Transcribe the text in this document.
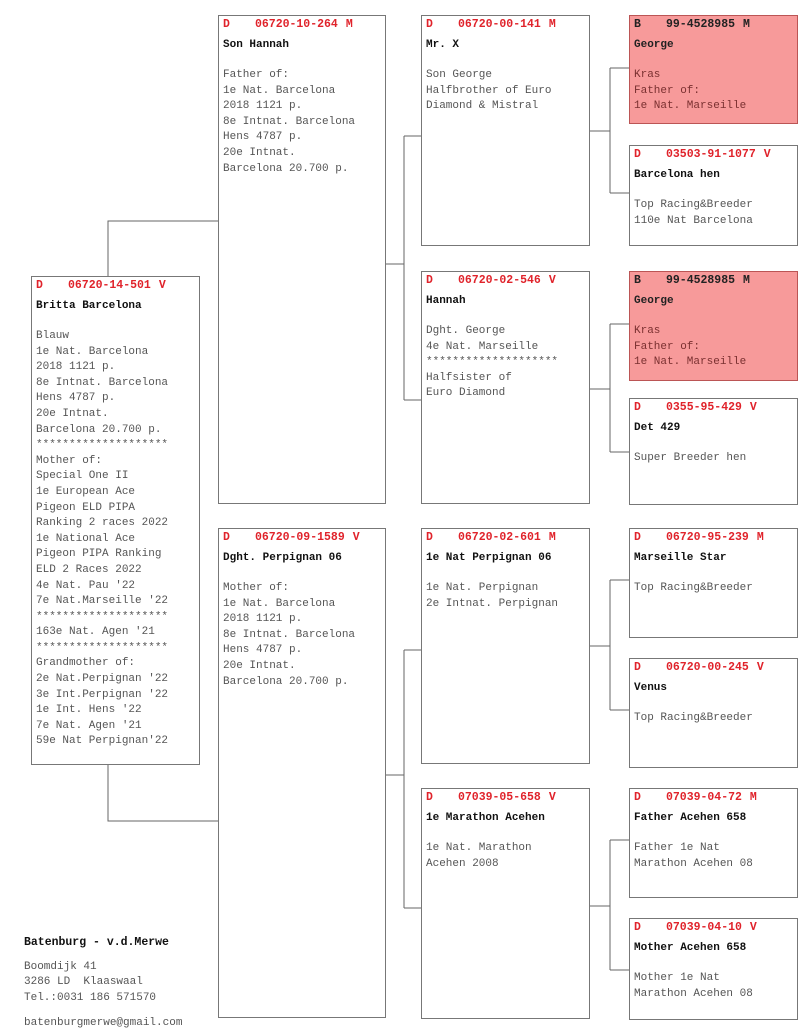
D	06720-14-501 V
Britta Barcelona
Blauw
1e Nat. Barcelona
2018 1121 p.
8e Intnat. Barcelona
Hens 4787 p.
20e Intnat.
Barcelona 20.700 p.
********************
Mother of:
Special One II
1e European Ace
Pigeon ELD PIPA
Ranking 2 races 2022
1e National Ace
Pigeon PIPA Ranking
ELD 2 Races 2022
4e Nat. Pau '22
7e Nat.Marseille '22
********************
163e Nat. Agen '21
********************
Grandmother of:
2e Nat.Perpignan '22
3e Int.Perpignan '22
1e Int. Hens '22
7e Nat. Agen '21
59e Nat Perpignan'22
D	06720-10-264 M
Son Hannah
Father of:
1e Nat. Barcelona
2018 1121 p.
8e Intnat. Barcelona
Hens 4787 p.
20e Intnat.
Barcelona 20.700 p.
D	06720-09-1589 V
Dght. Perpignan 06
Mother of:
1e Nat. Barcelona
2018 1121 p.
8e Intnat. Barcelona
Hens 4787 p.
20e Intnat.
Barcelona 20.700 p.
D	06720-00-141 M
Mr. X
Son George
Halfbrother of Euro
Diamond & Mistral
D	06720-02-546 V
Hannah
Dght. George
4e Nat. Marseille
********************
Halfsister of
Euro Diamond
D	06720-02-601 M
1e Nat Perpignan 06
1e Nat. Perpignan
2e Intnat. Perpignan
D	07039-05-658 V
1e Marathon Acehen
1e Nat. Marathon
Acehen 2008
B	99-4528985 M
George
Kras
Father of:
1e Nat. Marseille
D	03503-91-1077 V
Barcelona hen
Top Racing&Breeder
110e Nat Barcelona
B	99-4528985 M
George
Kras
Father of:
1e Nat. Marseille
D	0355-95-429 V
Det 429
Super Breeder hen
D	06720-95-239 M
Marseille Star
Top Racing&Breeder
D	06720-00-245 V
Venus
Top Racing&Breeder
D	07039-04-72 M
Father Acehen 658
Father 1e Nat
Marathon Acehen 08
D	07039-04-10 V
Mother Acehen 658
Mother 1e Nat
Marathon Acehen 08
Batenburg - v.d.Merwe
Boomdijk 41
3286 LD  Klaaswaal
Tel.:0031 186 571570
batenburgmerwe@gmail.com
